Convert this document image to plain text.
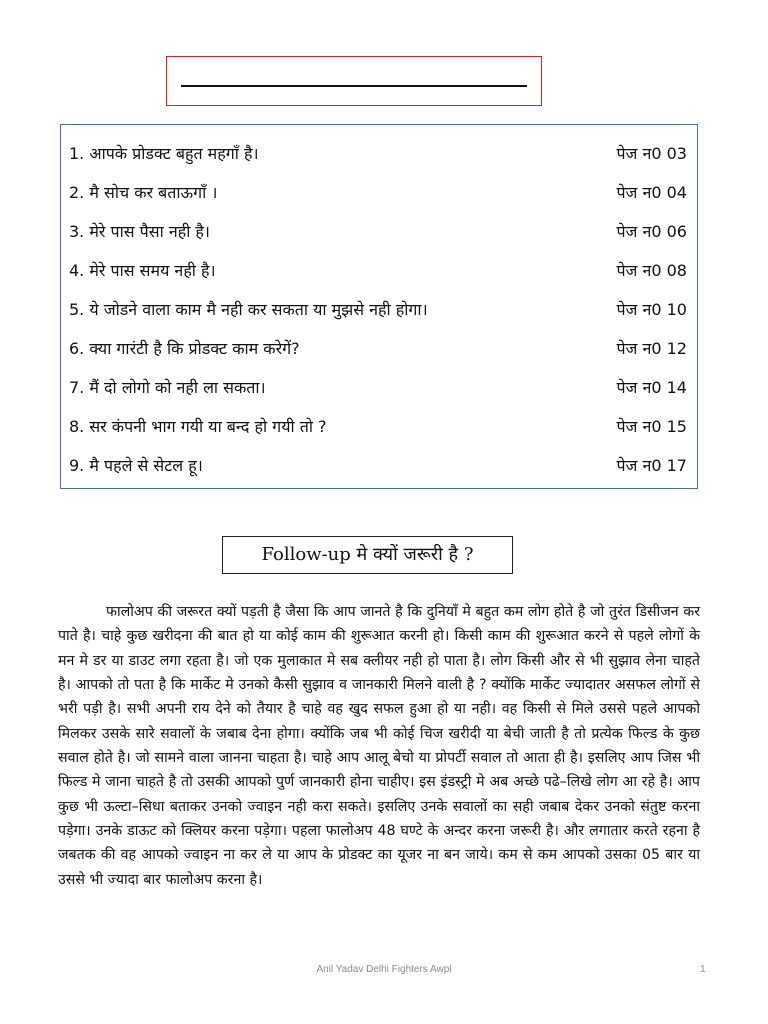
1. आपके प्रोडक्ट बहुत महगाँ है।	पेज न0 03
2. मै सोच कर बताऊगाँ ।	पेज न0 04
3. मेरे पास पैसा नही है।	पेज न0 06
4. मेरे पास समय नही है।	पेज न0 08
5. ये जोडने वाला काम मै नही कर सकता या मुझसे नही होगा।	पेज न0 10
6. क्या गारंटी है कि प्रोडक्ट काम करेगें?	पेज न0 12
7. मैं दो लोगो को नही ला सकता।	पेज न0 14
8. सर कंपनी भाग गयी या बन्द हो गयी तो ?	पेज न0 15
9. मै पहले से सेटल हू।	पेज न0 17
Follow-up मे क्यों जरूरी है ?

फालोअप की जरूरत क्यों पड़ती है जैसा कि आप जानते है कि दुनियाँ मे बहुत कम लोग होते है जो तुरंत डिसीजन कर पाते है। चाहे कुछ खरीदना की बात हो या कोई काम की शुरूआत करनी हो। किसी काम की शुरूआत करने से पहले लोगों के मन मे डर या डाउट लगा रहता है। जो एक मुलाकात मे सब क्लीयर नही हो पाता है। लोग किसी और से भी सुझाव लेना चाहते है। आपको तो पता है कि मार्केट मे उनको कैसी सुझाव व जानकारी मिलने वाली है ? क्योंकि मार्केट ज्यादातर असफल लोगों से भरी पड़ी है। सभी अपनी राय देने को तैयार है चाहे वह खुद सफल हुआ हो या नही। वह किसी से मिले उससे पहले आपको मिलकर उसके सारे सवालों के जबाब देना होगा। क्योंकि जब भी कोई चिज खरीदी या बेची जाती है तो प्रत्येक फिल्ड के कुछ सवाल होते है। जो सामने वाला जानना चाहता है। चाहे आप आलू बेचो या प्रोपर्टी सवाल तो आता ही है। इसलिए आप जिस भी फिल्ड मे जाना चाहते है तो उसकी आपको पुर्ण जानकारी होना चाहीए। इस इंडस्ट्री मे अब अच्छे पढे–लिखे लोग आ रहे है। आप कुछ भी ऊल्टा–सिधा बताकर उनको ज्वाइन नही करा सकते। इसलिए उनके सवालों का सही जबाब देकर उनको संतुष्ट करना पड़ेगा। उनके डाऊट को क्लियर करना पड़ेगा। पहला फालोअप 48 घण्टे के अन्दर करना जरूरी है। और लगातार करते रहना है जबतक की वह आपको ज्वाइन ना कर ले या आप के प्रोडक्ट का यूजर ना बन जाये। कम से कम आपको उसका 05 बार या उससे भी ज्यादा बार फालोअप करना है।

Anil Yadav Delhi Fighters Awpl	1
